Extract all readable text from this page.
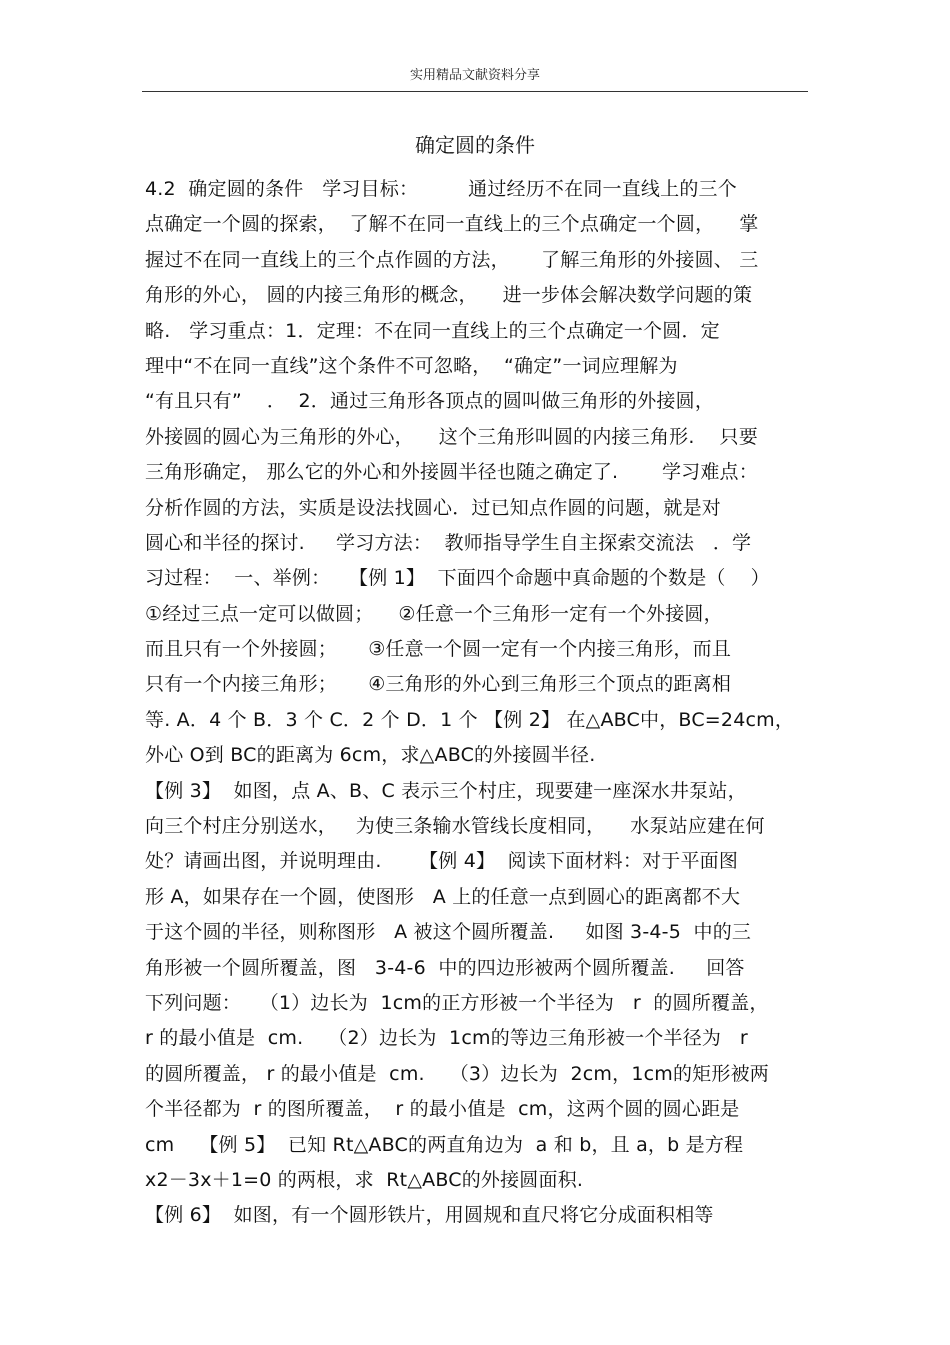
实用精品文献资料分享
确定圆的条件
4.2  确定圆的条件   学习目标：        通过经历不在同一直线上的三个
点确定一个圆的探索，  了解不在同一直线上的三个点确定一个圆，    掌
握过不在同一直线上的三个点作圆的方法，     了解三角形的外接圆、 三
角形的外心， 圆的内接三角形的概念，    进一步体会解决数学问题的策
略.   学习重点：1．定理：不在同一直线上的三个点确定一个圆．定
理中“不在同一直线”这个条件不可忽略，  “确定”一词应理解为
“有且只有”    ．  2．通过三角形各顶点的圆叫做三角形的外接圆，
外接圆的圆心为三角形的外心，    这个三角形叫圆的内接三角形.    只要
三角形确定， 那么它的外心和外接圆半径也随之确定了.       学习难点：
分析作圆的方法，实质是设法找圆心．过已知点作圆的问题，就是对
圆心和半径的探讨.     学习方法：  教师指导学生自主探索交流法   ．学
习过程：  一、举例：   【例 1】  下面四个命题中真命题的个数是（    ）
①经过三点一定可以做圆；    ②任意一个三角形一定有一个外接圆，
而且只有一个外接圆；     ③任意一个圆一定有一个内接三角形，而且
只有一个内接三角形；     ④三角形的外心到三角形三个顶点的距离相
等. A．4 个 B．3 个 C．2 个 D．1 个 【例 2】 在△ABC中，BC=24cm，
外心 O到 BC的距离为 6cm，求△ABC的外接圆半径.
【例 3】  如图，点 A、B、C 表示三个村庄，现要建一座深水井泵站，
向三个村庄分别送水，   为使三条输水管线长度相同，    水泵站应建在何
处？请画出图，并说明理由.      【例 4】  阅读下面材料：对于平面图
形 A，如果存在一个圆，使图形   A 上的任意一点到圆心的距离都不大
于这个圆的半径，则称图形   A 被这个圆所覆盖.     如图 3-4-5  中的三
角形被一个圆所覆盖，图   3-4-6  中的四边形被两个圆所覆盖.     回答
下列问题：   （1）边长为  1cm的正方形被一个半径为   r  的圆所覆盖，
r 的最小值是  cm.    （2）边长为  1cm的等边三角形被一个半径为   r
的圆所覆盖， r 的最小值是  cm.    （3）边长为  2cm，1cm的矩形被两
个半径都为  r 的图所覆盖，  r 的最小值是  cm，这两个圆的圆心距是
cm    【例 5】  已知 Rt△ABC的两直角边为  a 和 b，且 a，b 是方程
x2－3x＋1=0 的两根，求  Rt△ABC的外接圆面积.
【例 6】  如图，有一个圆形铁片，用圆规和直尺将它分成面积相等
